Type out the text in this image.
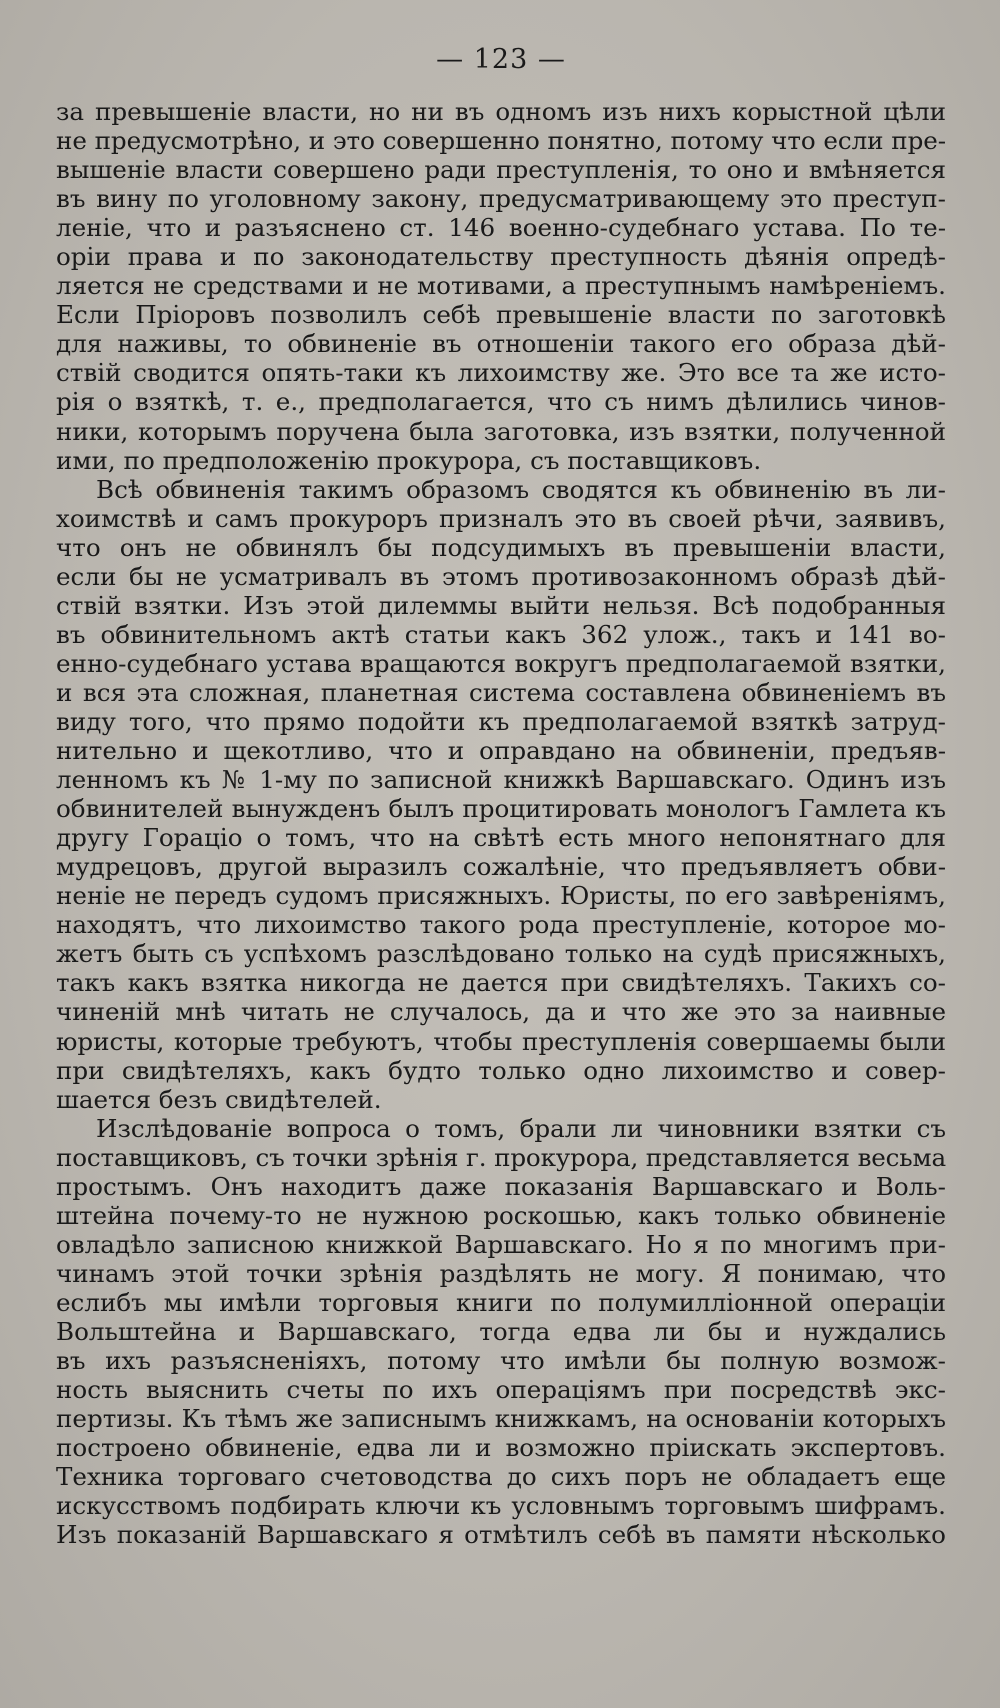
— 123 —
за превышеніе власти, но ни въ одномъ изъ нихъ корыстной цѣли
не предусмотрѣно, и это совершенно понятно, потому что если пре-
вышеніе власти совершено ради преступленія, то оно и вмѣняется
въ вину по уголовному закону, предусматривающему это преступ-
леніе, что и разъяснено ст. 146 военно-судебнаго устава. По те-
оріи права и по законодательству преступность дѣянія опредѣ-
ляется не средствами и не мотивами, а преступнымъ намѣреніемъ.
Если Пріоровъ позволилъ себѣ превышеніе власти по заготовкѣ
для наживы, то обвиненіе въ отношеніи такого его образа дѣй-
ствій сводится опять-таки къ лихоимству же. Это все та же исто-
рія о взяткѣ, т. е., предполагается, что съ нимъ дѣлились чинов-
ники, которымъ поручена была заготовка, изъ взятки, полученной
ими, по предположенію прокурора, съ поставщиковъ.
Всѣ обвиненія такимъ образомъ сводятся къ обвиненію въ ли-
хоимствѣ и самъ прокуроръ призналъ это въ своей рѣчи, заявивъ,
что онъ не обвинялъ бы подсудимыхъ въ превышеніи власти,
если бы не усматривалъ въ этомъ противозаконномъ образѣ дѣй-
ствій взятки. Изъ этой дилеммы выйти нельзя. Всѣ подобранныя
въ обвинительномъ актѣ статьи какъ 362 улож., такъ и 141 во-
енно-судебнаго устава вращаются вокругъ предполагаемой взятки,
и вся эта сложная, планетная система составлена обвиненіемъ въ
виду того, что прямо подойти къ предполагаемой взяткѣ затруд-
нительно и щекотливо, что и оправдано на обвиненіи, предъяв-
ленномъ къ № 1-му по записной книжкѣ Варшавскаго. Одинъ изъ
обвинителей вынужденъ былъ процитировать монологъ Гамлета къ
другу Гораціо о томъ, что на свѣтѣ есть много непонятнаго для
мудрецовъ, другой выразилъ сожалѣніе, что предъявляетъ обви-
неніе не передъ судомъ присяжныхъ. Юристы, по его завѣреніямъ,
находятъ, что лихоимство такого рода преступленіе, которое мо-
жетъ быть съ успѣхомъ разслѣдовано только на судѣ присяжныхъ,
такъ какъ взятка никогда не дается при свидѣтеляхъ. Такихъ со-
чиненій мнѣ читать не случалось, да и что же это за наивные
юристы, которые требуютъ, чтобы преступленія совершаемы были
при свидѣтеляхъ, какъ будто только одно лихоимство и совер-
шается безъ свидѣтелей.
Изслѣдованіе вопроса о томъ, брали ли чиновники взятки съ
поставщиковъ, съ точки зрѣнія г. прокурора, представляется весьма
простымъ. Онъ находитъ даже показанія Варшавскаго и Воль-
штейна почему-то не нужною роскошью, какъ только обвиненіе
овладѣло записною книжкой Варшавскаго. Но я по многимъ при-
чинамъ этой точки зрѣнія раздѣлять не могу. Я понимаю, что
еслибъ мы имѣли торговыя книги по полумилліонной операціи
Вольштейна и Варшавскаго, тогда едва ли бы и нуждались
въ ихъ разъясненіяхъ, потому что имѣли бы полную возмож-
ность выяснить счеты по ихъ операціямъ при посредствѣ экс-
пертизы. Къ тѣмъ же записнымъ книжкамъ, на основаніи которыхъ
построено обвиненіе, едва ли и возможно пріискать экспертовъ.
Техника торговаго счетоводства до сихъ поръ не обладаетъ еще
искусствомъ подбирать ключи къ условнымъ торговымъ шифрамъ.
Изъ показаній Варшавскаго я отмѣтилъ себѣ въ памяти нѣсколько
